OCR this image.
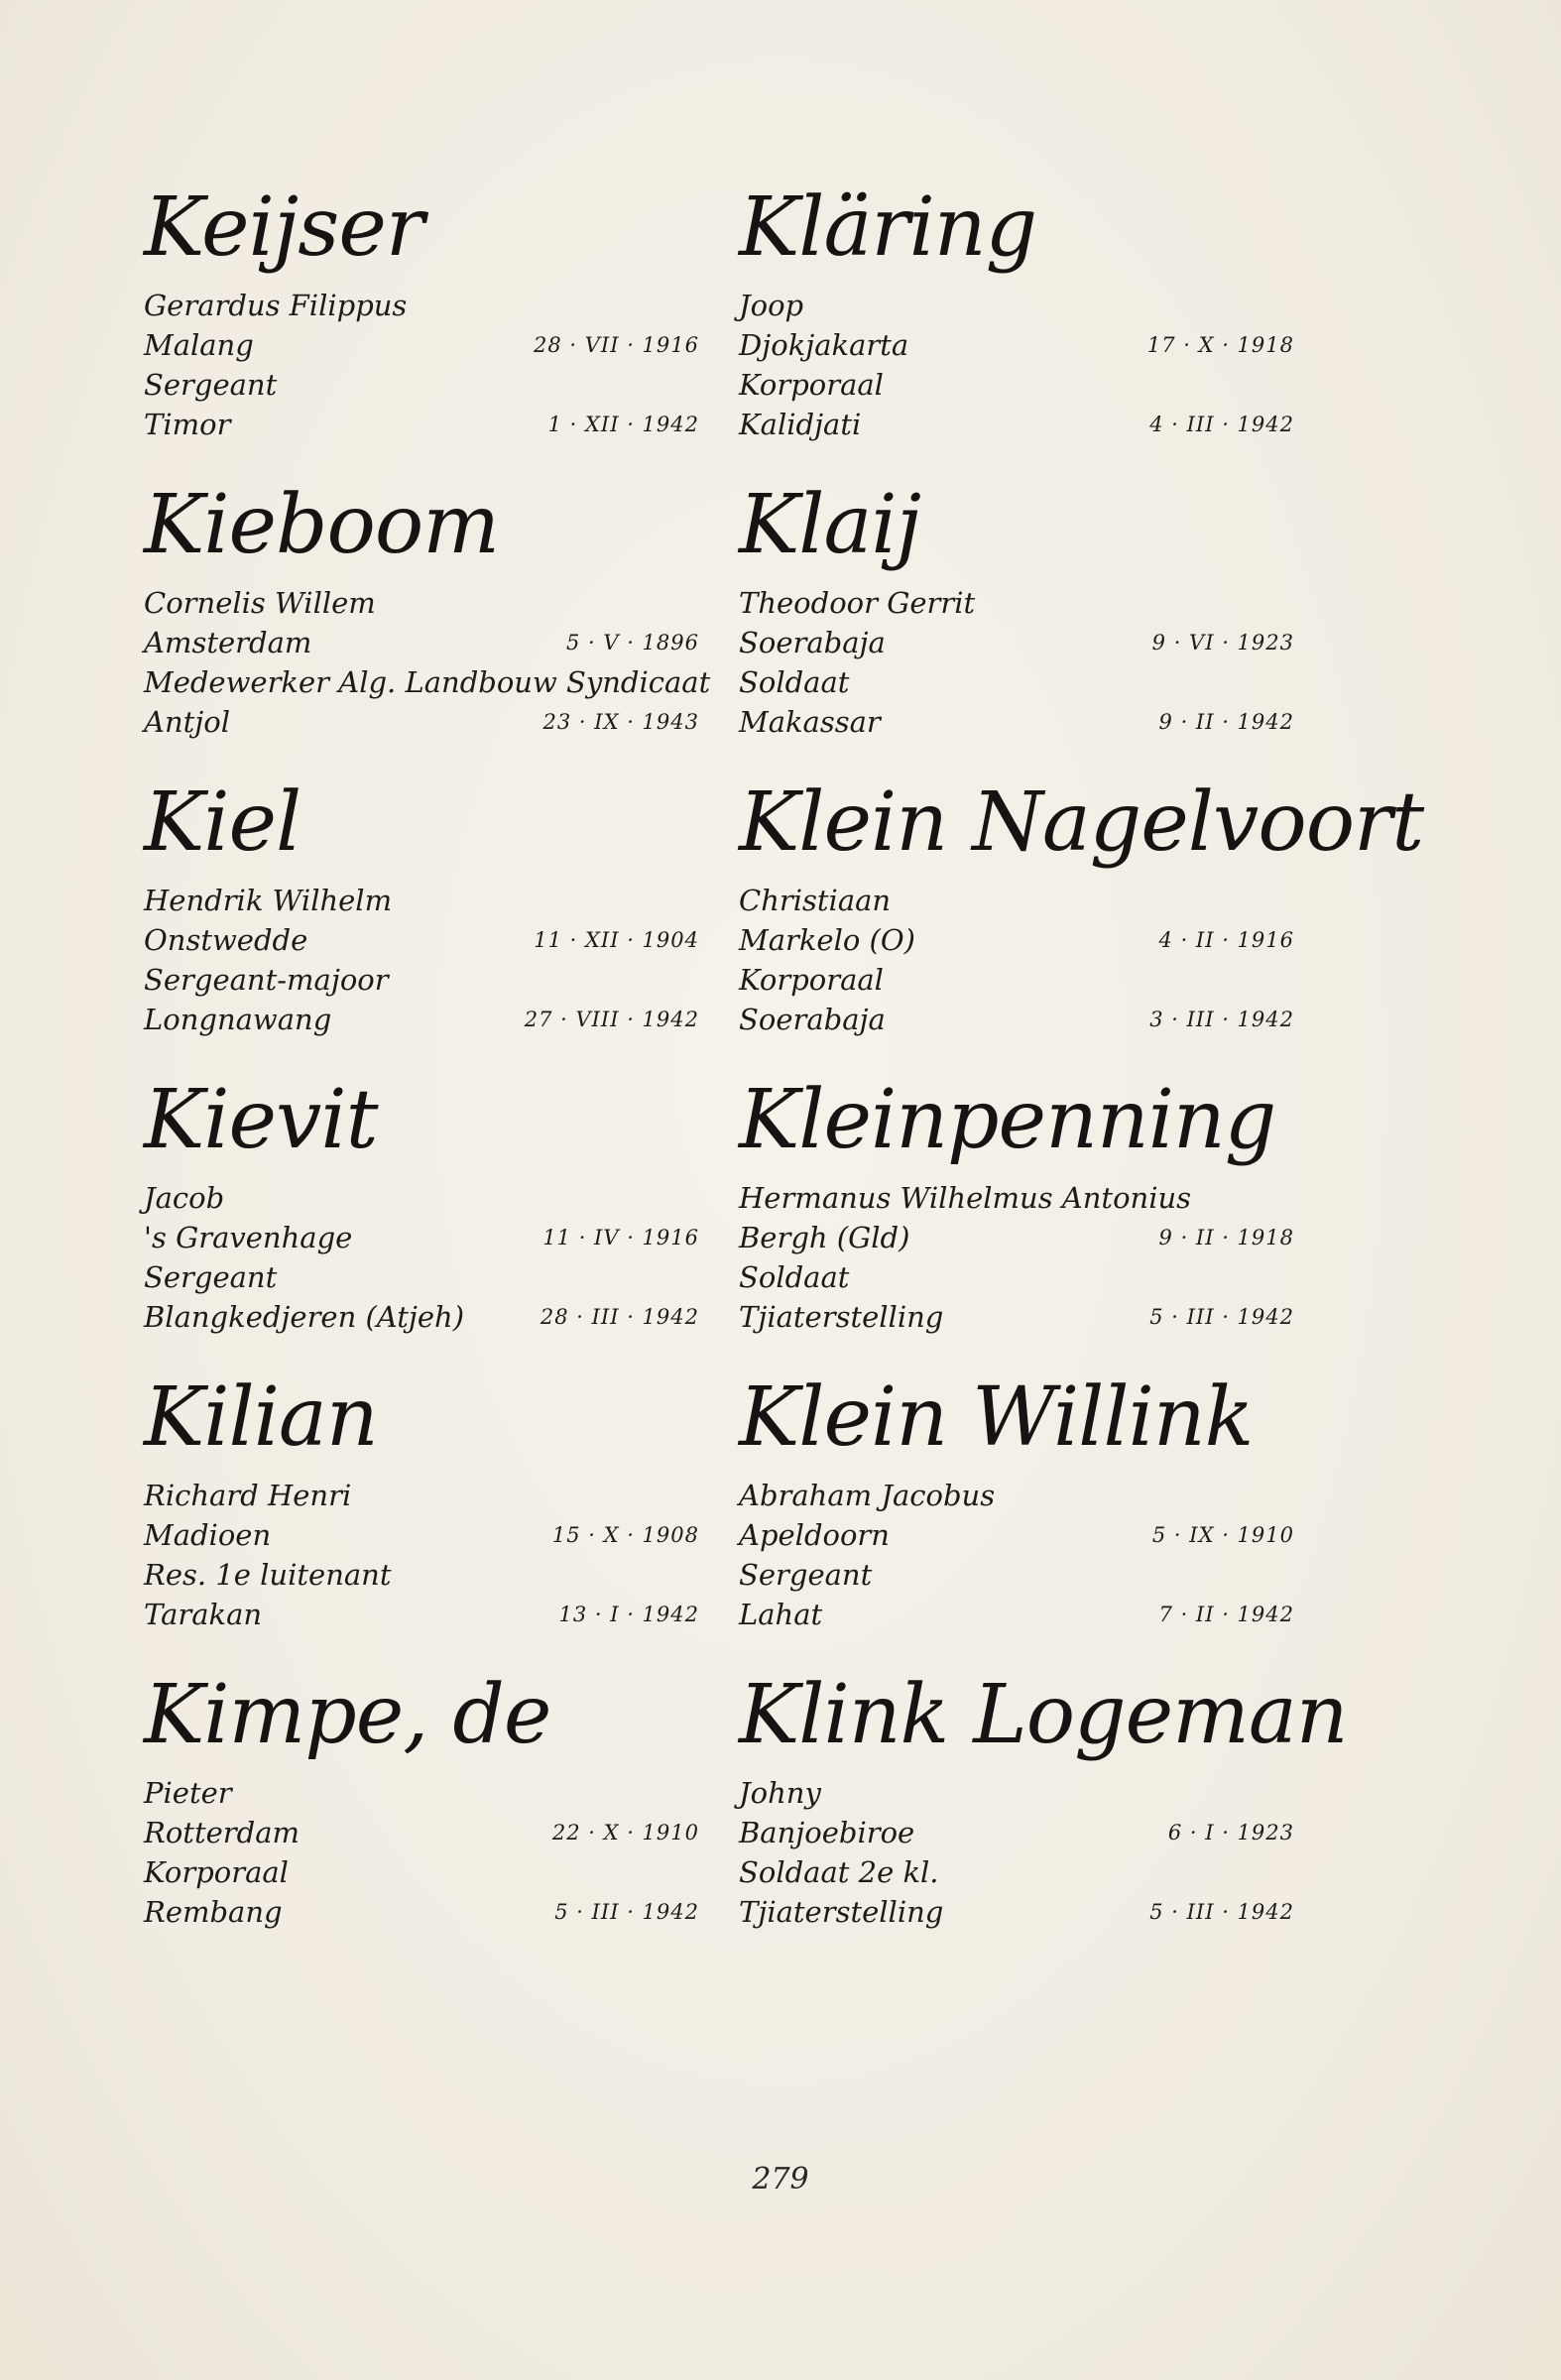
Keijser
Gerardus Filippus
Malang	28 · VII · 1916
Sergeant
Timor	1 · XII · 1942
Kieboom
Cornelis Willem
Amsterdam	5 · V · 1896
Medewerker Alg. Landbouw Syndicaat
Antjol	23 · IX · 1943
Kiel
Hendrik Wilhelm
Onstwedde	11 · XII · 1904
Sergeant-majoor
Longnawang	27 · VIII · 1942
Kievit
Jacob
's Gravenhage	11 · IV · 1916
Sergeant
Blangkedjeren (Atjeh)	28 · III · 1942
Kilian
Richard Henri
Madioen	15 · X · 1908
Res. 1e luitenant
Tarakan	13 · I · 1942
Kimpe, de
Pieter
Rotterdam	22 · X · 1910
Korporaal
Rembang	5 · III · 1942
Kläring
Joop
Djokjakarta	17 · X · 1918
Korporaal
Kalidjati	4 · III · 1942
Klaij
Theodoor Gerrit
Soerabaja	9 · VI · 1923
Soldaat
Makassar	9 · II · 1942
Klein Nagelvoort
Christiaan
Markelo (O)	4 · II · 1916
Korporaal
Soerabaja	3 · III · 1942
Kleinpenning
Hermanus Wilhelmus Antonius
Bergh (Gld)	9 · II · 1918
Soldaat
Tjiaterstelling	5 · III · 1942
Klein Willink
Abraham Jacobus
Apeldoorn	5 · IX · 1910
Sergeant
Lahat	7 · II · 1942
Klink Logeman
Johny
Banjoebiroe	6 · I · 1923
Soldaat 2e kl.
Tjiaterstelling	5 · III · 1942
279
